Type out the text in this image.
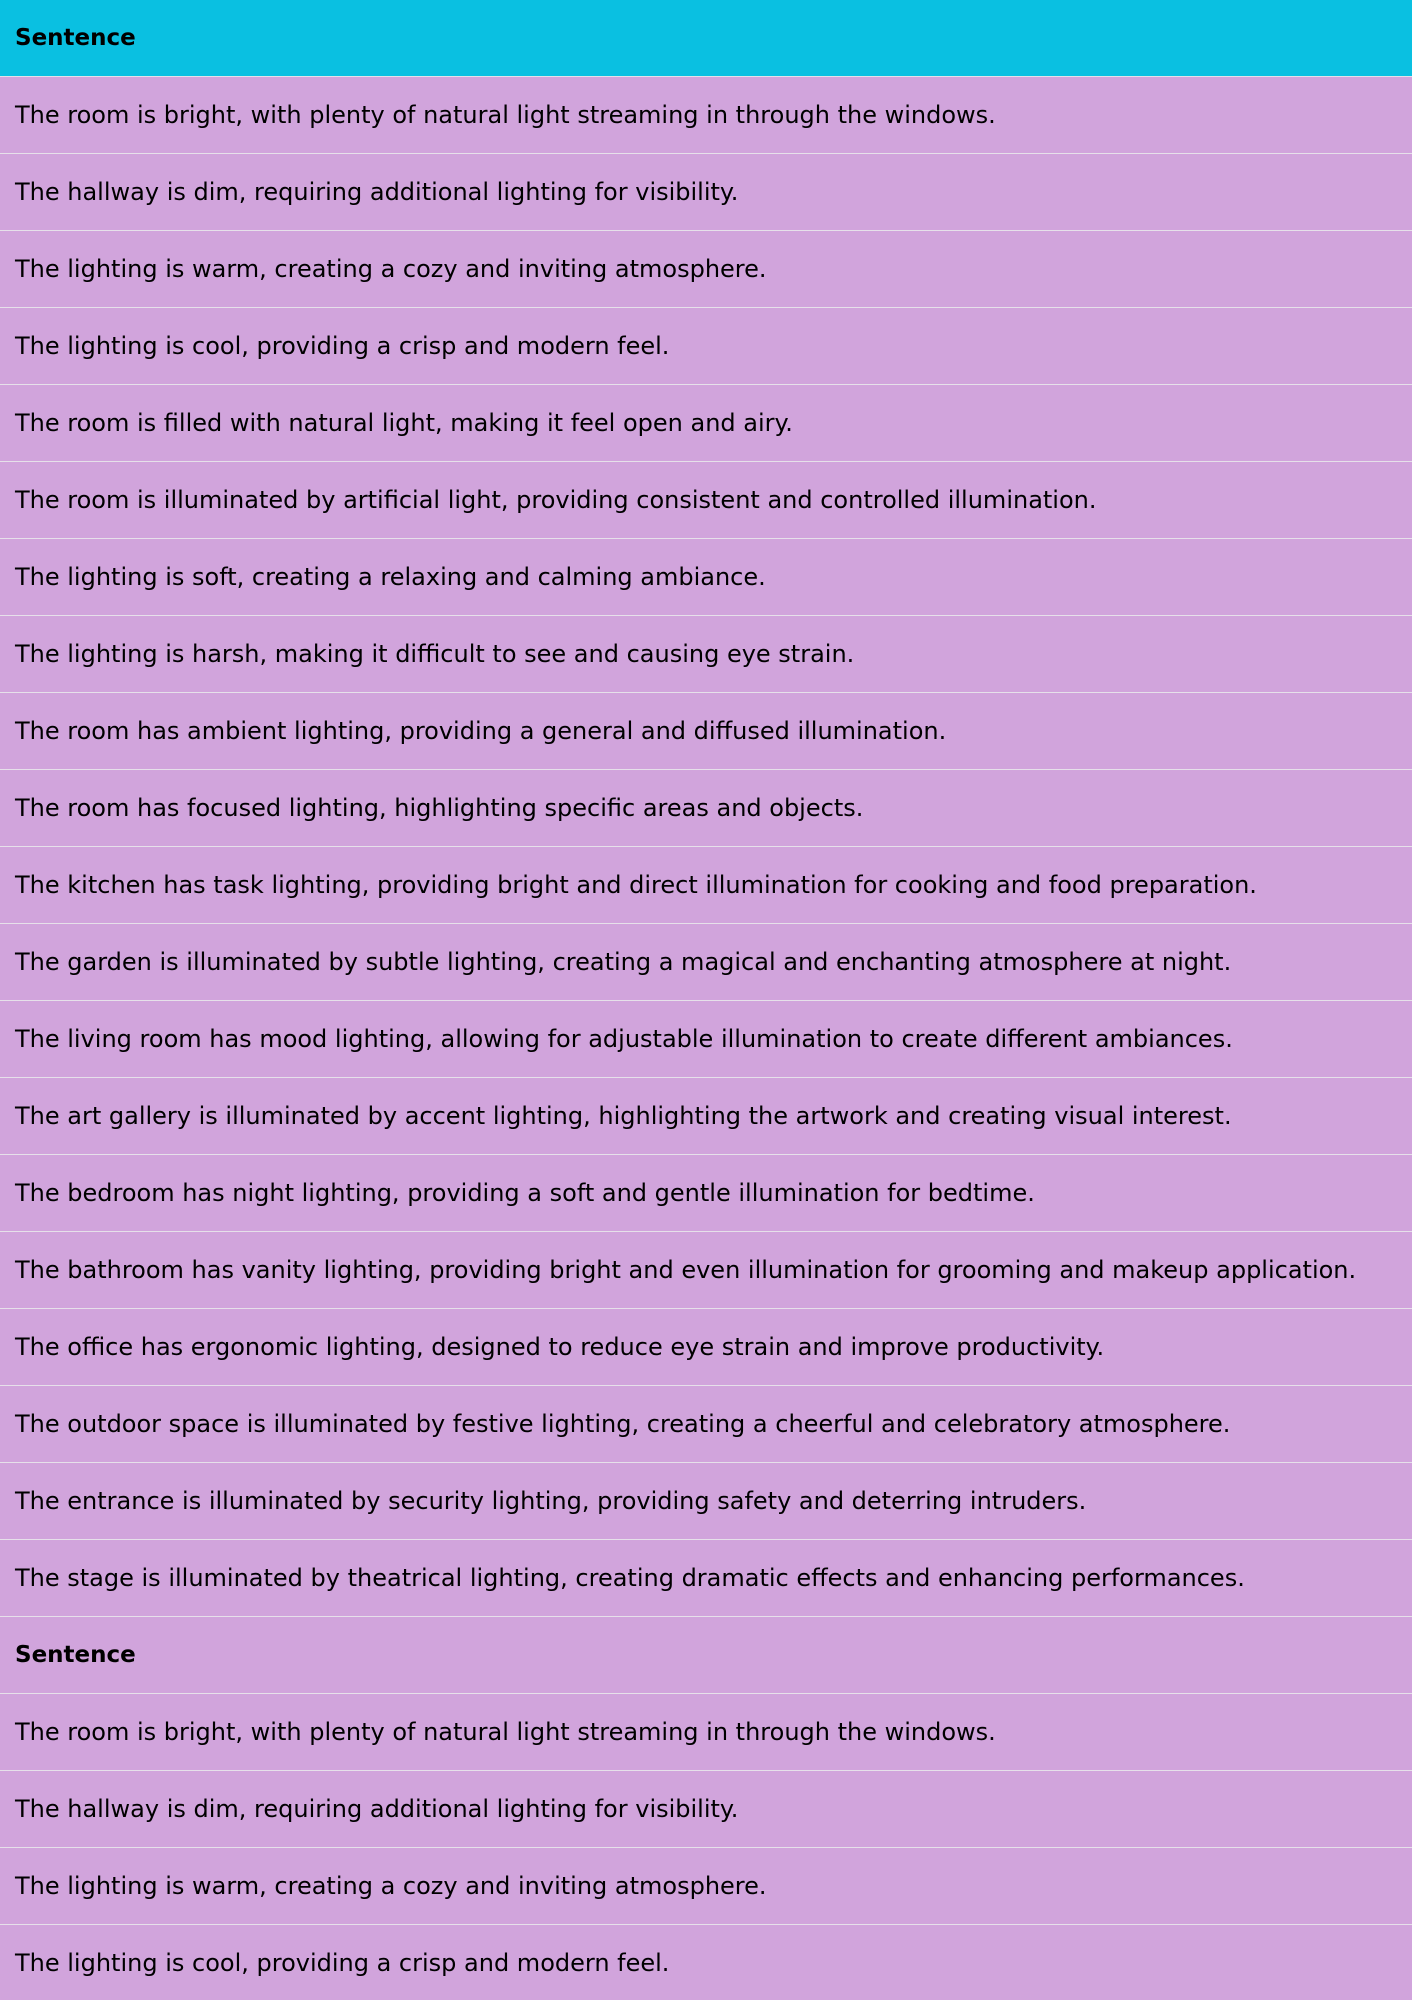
Sentence
The room is bright, with plenty of natural light streaming in through the windows.
The hallway is dim, requiring additional lighting for visibility.
The lighting is warm, creating a cozy and inviting atmosphere.
The lighting is cool, providing a crisp and modern feel.
The room is filled with natural light, making it feel open and airy.
The room is illuminated by artificial light, providing consistent and controlled illumination.
The lighting is soft, creating a relaxing and calming ambiance.
The lighting is harsh, making it difficult to see and causing eye strain.
The room has ambient lighting, providing a general and diffused illumination.
The room has focused lighting, highlighting specific areas and objects.
The kitchen has task lighting, providing bright and direct illumination for cooking and food preparation.
The garden is illuminated by subtle lighting, creating a magical and enchanting atmosphere at night.
The living room has mood lighting, allowing for adjustable illumination to create different ambiances.
The art gallery is illuminated by accent lighting, highlighting the artwork and creating visual interest.
The bedroom has night lighting, providing a soft and gentle illumination for bedtime.
The bathroom has vanity lighting, providing bright and even illumination for grooming and makeup application.
The office has ergonomic lighting, designed to reduce eye strain and improve productivity.
The outdoor space is illuminated by festive lighting, creating a cheerful and celebratory atmosphere.
The entrance is illuminated by security lighting, providing safety and deterring intruders.
The stage is illuminated by theatrical lighting, creating dramatic effects and enhancing performances.
Sentence
The room is bright, with plenty of natural light streaming in through the windows.
The hallway is dim, requiring additional lighting for visibility.
The lighting is warm, creating a cozy and inviting atmosphere.
The lighting is cool, providing a crisp and modern feel.
